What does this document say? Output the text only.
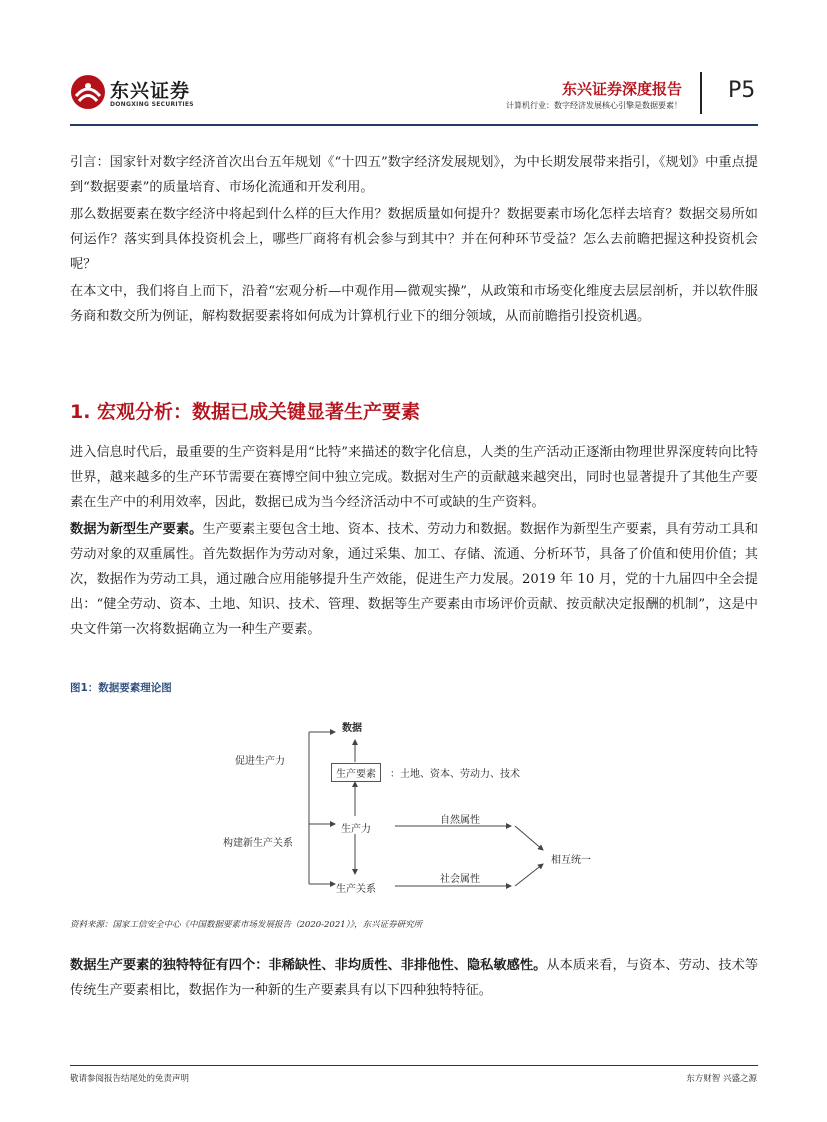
东兴证券
DONGXING SECURITIES
东兴证券深度报告
计算机行业：数字经济发展核心引擎是数据要素！
P5
引言：国家针对数字经济首次出台五年规划《“十四五”数字经济发展规划》，为中长期发展带来指引，《规划》中重点提到“数据要素”的质量培育、市场化流通和开发利用。
那么数据要素在数字经济中将起到什么样的巨大作用？数据质量如何提升？数据要素市场化怎样去培育？数据交易所如何运作？落实到具体投资机会上，哪些厂商将有机会参与到其中？并在何种环节受益？怎么去前瞻把握这种投资机会呢？
在本文中，我们将自上而下，沿着“宏观分析—中观作用—微观实操”，从政策和市场变化维度去层层剖析，并以软件服务商和数交所为例证，解构数据要素将如何成为计算机行业下的细分领域，从而前瞻指引投资机遇。
1. 宏观分析：数据已成关键显著生产要素
进入信息时代后，最重要的生产资料是用“比特”来描述的数字化信息，人类的生产活动正逐渐由物理世界深度转向比特世界，越来越多的生产环节需要在赛博空间中独立完成。数据对生产的贡献越来越突出，同时也显著提升了其他生产要素在生产中的利用效率，因此，数据已成为当今经济活动中不可或缺的生产资料。
数据为新型生产要素。生产要素主要包含土地、资本、技术、劳动力和数据。数据作为新型生产要素，具有劳动工具和劳动对象的双重属性。首先数据作为劳动对象，通过采集、加工、存储、流通、分析环节，具备了价值和使用价值；其次，数据作为劳动工具，通过融合应用能够提升生产效能，促进生产力发展。2019 年 10 月，党的十九届四中全会提出：“健全劳动、资本、土地、知识、技术、管理、数据等生产要素由市场评价贡献、按贡献决定报酬的机制”，这是中央文件第一次将数据确立为一种生产要素。
图1：数据要素理论图
数据
促进生产力
生产要素	：土地、资本、劳动力、技术
自然属性
生产力
构建新生产关系
相互统一
社会属性
生产关系
资料来源：国家工信安全中心《中国数据要素市场发展报告（2020-2021）》，东兴证券研究所
数据生产要素的独特特征有四个：非稀缺性、非均质性、非排他性、隐私敏感性。从本质来看，与资本、劳动、技术等传统生产要素相比，数据作为一种新的生产要素具有以下四种独特特征。
敬请参阅报告结尾处的免责声明	东方财智 兴盛之源
